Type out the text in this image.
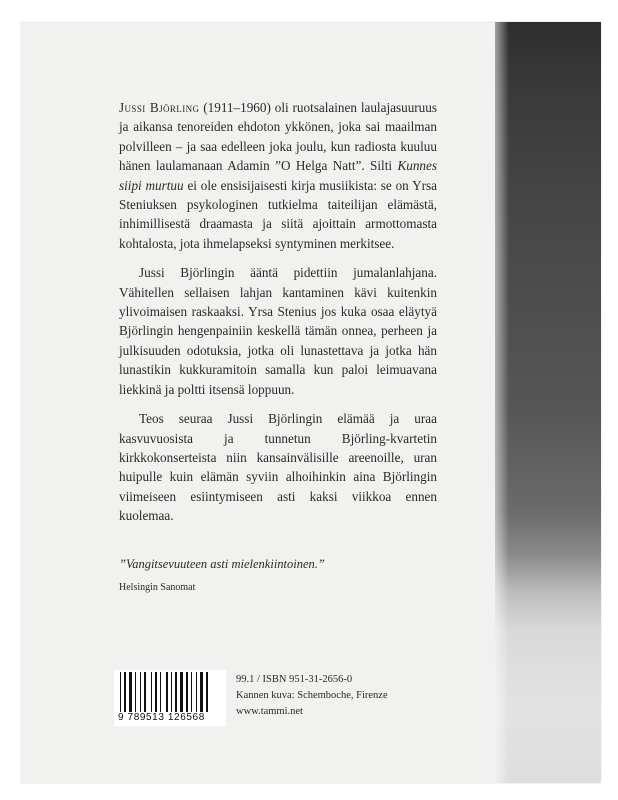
Jussi Björling (1911–1960) oli ruotsalainen laulajasuuruus ja aikansa tenoreiden ehdoton ykkönen, joka sai maailman polvilleen – ja saa edelleen joka joulu, kun radiosta kuuluu hänen laulamanaan Adamin ”O Helga Natt”. Silti Kunnes siipi murtuu ei ole ensisijaisesti kirja musiikista: se on Yrsa Steniuksen psykologinen tutkielma taiteilijan elämästä, inhimillisestä draamasta ja siitä ajoittain armottomasta kohtalosta, jota ihmelapseksi syntyminen merkitsee.

Jussi Björlingin ääntä pidettiin jumalanlahjana. Vähitellen sellaisen lahjan kantaminen kävi kuitenkin ylivoimaisen raskaaksi. Yrsa Stenius jos kuka osaa eläytyä Björlingin hengenpainiin keskellä tämän onnea, perheen ja julkisuuden odotuksia, jotka oli lunastettava ja jotka hän lunastikin kukkuramitoin samalla kun paloi leimuavana liekkinä ja poltti itsensä loppuun.

Teos seuraa Jussi Björlingin elämää ja uraa kasvuvuosista ja tunnetun Björling-kvartetin kirkkokonserteista niin kansainvälisille areenoille, uran huipulle kuin elämän syviin alhoihinkin aina Björlingin viimeiseen esiintymiseen asti kaksi viikkoa ennen kuolemaa.

”Vangitsevuuteen asti mielenkiintoinen.”
Helsingin Sanomat
9 789513 126568
99.1 / ISBN 951-31-2656-0
Kannen kuva: Schemboche, Firenze
www.tammi.net
